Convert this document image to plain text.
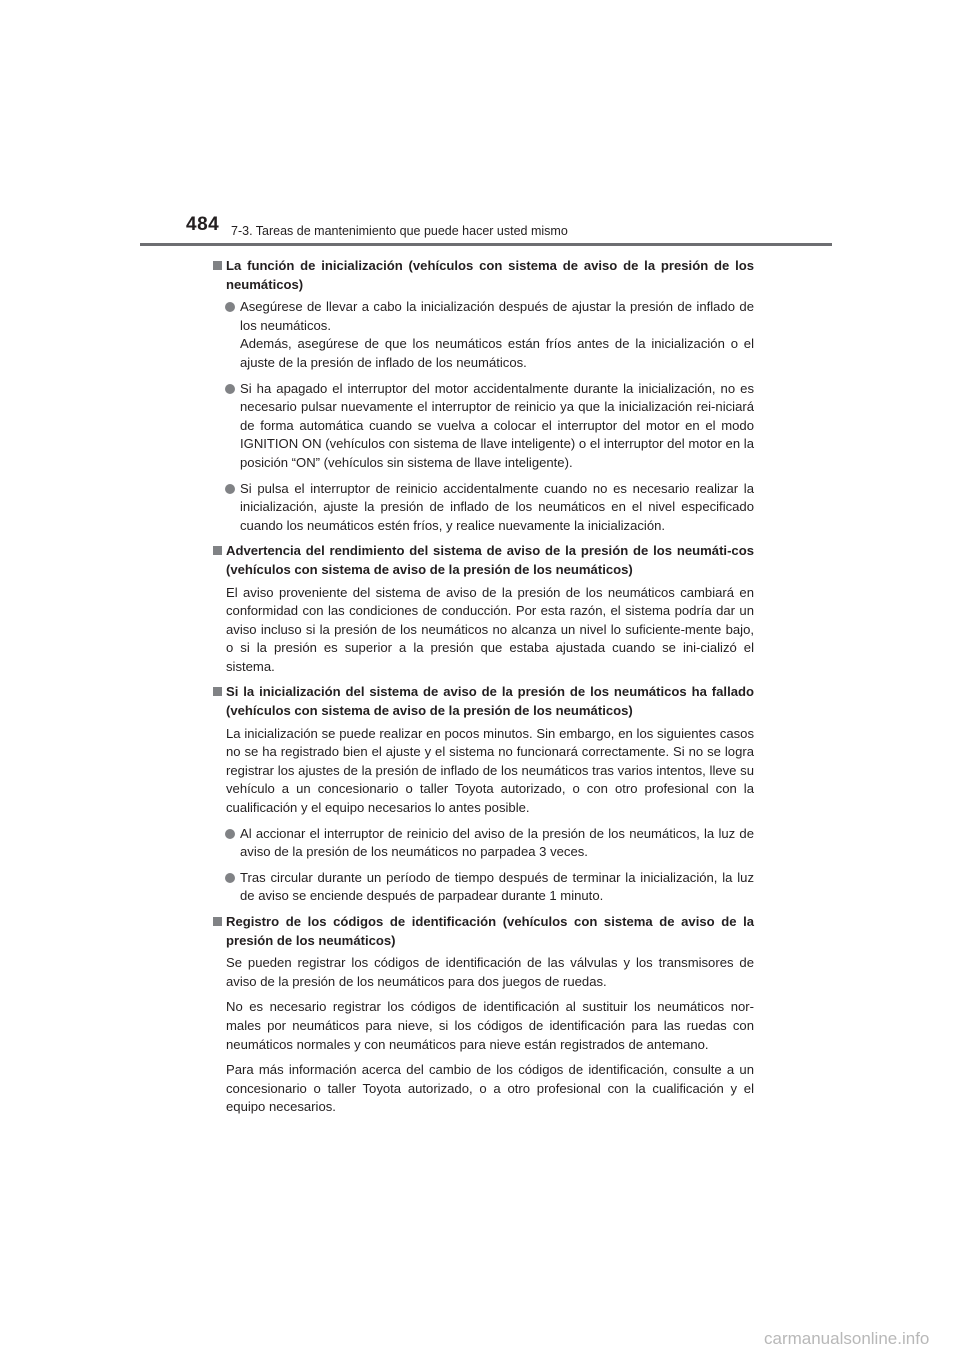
484 7-3. Tareas de mantenimiento que puede hacer usted mismo
La función de inicialización (vehículos con sistema de aviso de la presión de los neumáticos)

Asegúrese de llevar a cabo la inicialización después de ajustar la presión de inflado de los neumáticos.

Además, asegúrese de que los neumáticos están fríos antes de la inicialización o el ajuste de la presión de inflado de los neumáticos.

Si ha apagado el interruptor del motor accidentalmente durante la inicialización, no es necesario pulsar nuevamente el interruptor de reinicio ya que la inicialización rei-niciará de forma automática cuando se vuelva a colocar el interruptor del motor en el modo IGNITION ON (vehículos con sistema de llave inteligente) o el interruptor del motor en la posición “ON” (vehículos sin sistema de llave inteligente).

Si pulsa el interruptor de reinicio accidentalmente cuando no es necesario realizar la inicialización, ajuste la presión de inflado de los neumáticos en el nivel especificado cuando los neumáticos estén fríos, y realice nuevamente la inicialización.

Advertencia del rendimiento del sistema de aviso de la presión de los neumáti-cos (vehículos con sistema de aviso de la presión de los neumáticos)
El aviso proveniente del sistema de aviso de la presión de los neumáticos cambiará en conformidad con las condiciones de conducción. Por esta razón, el sistema podría dar un aviso incluso si la presión de los neumáticos no alcanza un nivel lo suficiente-mente bajo, o si la presión es superior a la presión que estaba ajustada cuando se ini-cializó el sistema.
Si la inicialización del sistema de aviso de la presión de los neumáticos ha fallado (vehículos con sistema de aviso de la presión de los neumáticos)
La inicialización se puede realizar en pocos minutos. Sin embargo, en los siguientes casos no se ha registrado bien el ajuste y el sistema no funcionará correctamente. Si no se logra registrar los ajustes de la presión de inflado de los neumáticos tras varios intentos, lleve su vehículo a un concesionario o taller Toyota autorizado, o con otro profesional con la cualificación y el equipo necesarios lo antes posible.

Al accionar el interruptor de reinicio del aviso de la presión de los neumáticos, la luz de aviso de la presión de los neumáticos no parpadea 3 veces.

Tras circular durante un período de tiempo después de terminar la inicialización, la luz de aviso se enciende después de parpadear durante 1 minuto.

Registro de los códigos de identificación (vehículos con sistema de aviso de la presión de los neumáticos)
Se pueden registrar los códigos de identificación de las válvulas y los transmisores de aviso de la presión de los neumáticos para dos juegos de ruedas.
No es necesario registrar los códigos de identificación al sustituir los neumáticos nor-males por neumáticos para nieve, si los códigos de identificación para las ruedas con neumáticos normales y con neumáticos para nieve están registrados de antemano.
Para más información acerca del cambio de los códigos de identificación, consulte a un concesionario o taller Toyota autorizado, o a otro profesional con la cualificación y el equipo necesarios.
carmanualsonline.info
